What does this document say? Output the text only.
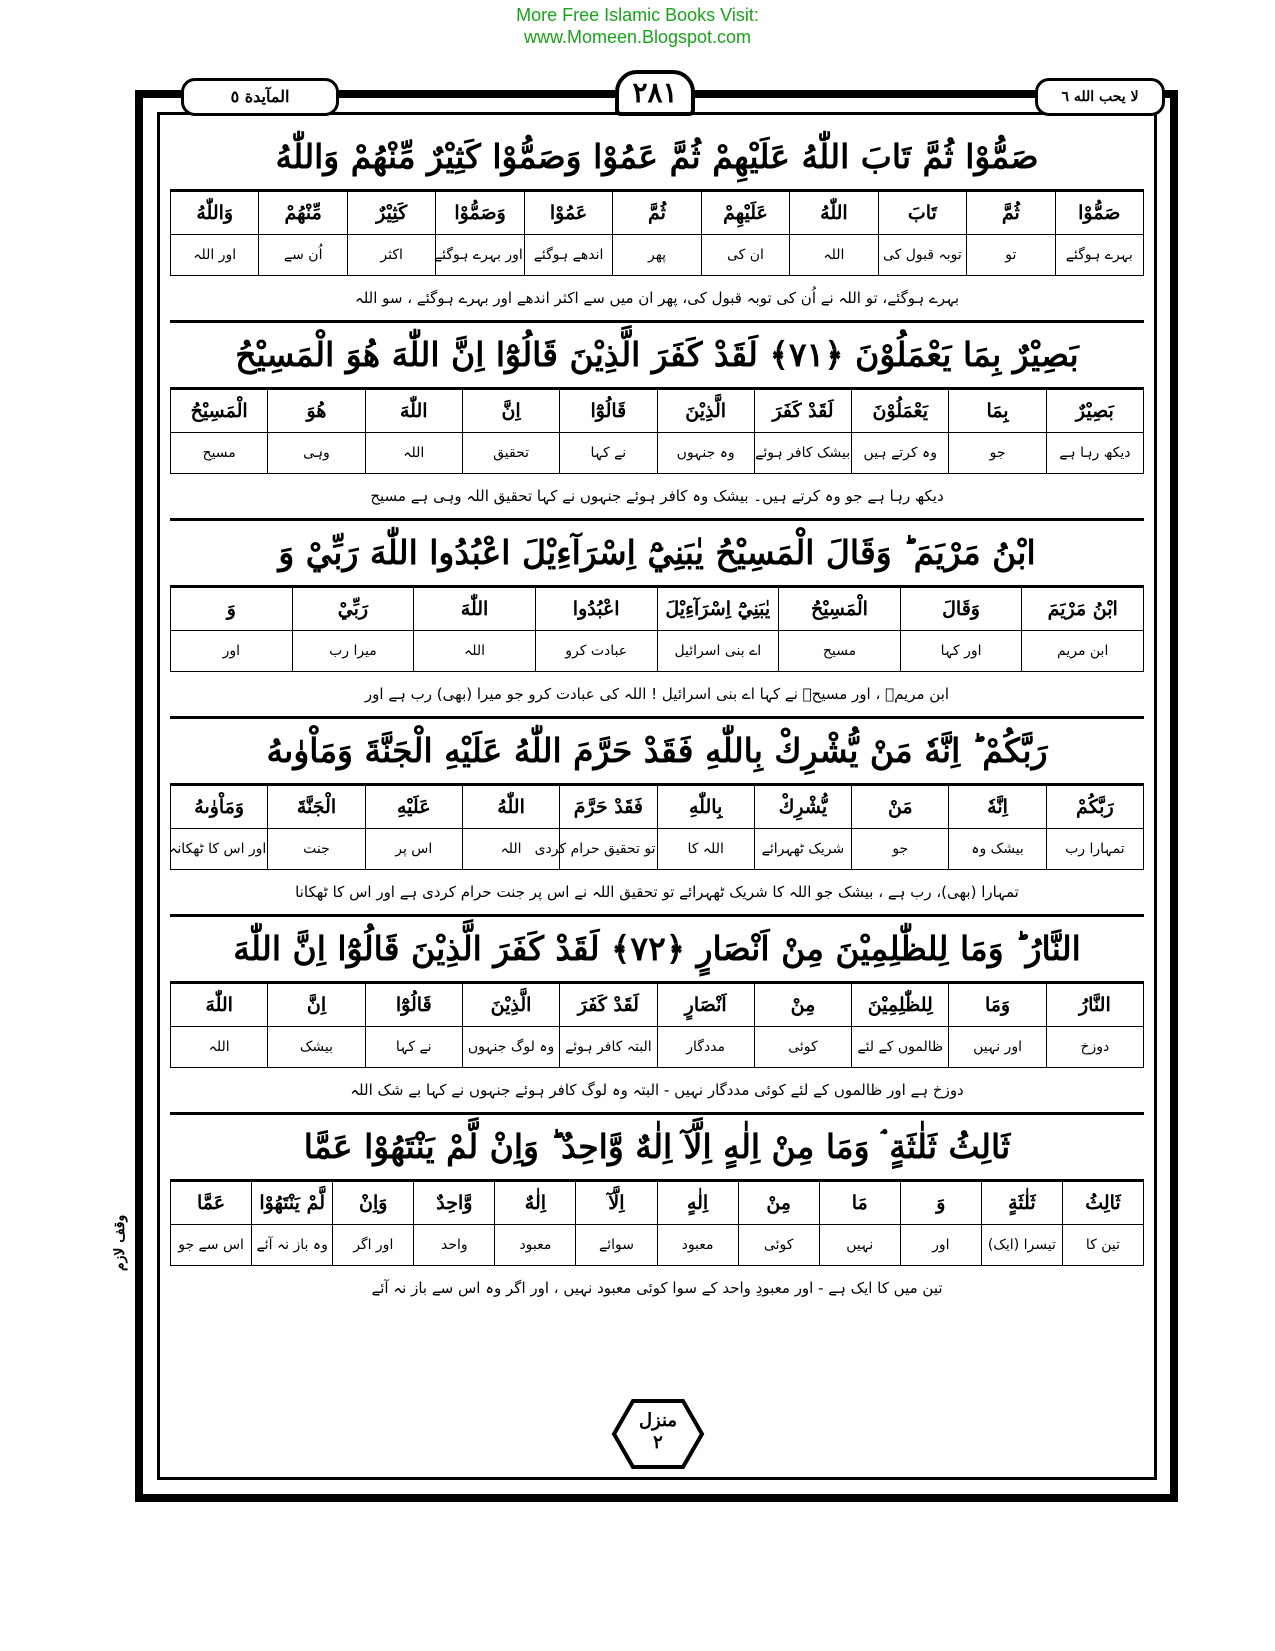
More Free Islamic Books Visit:
www.Momeen.Blogspot.com
المآيدة ٥	٢٨١	لا يحب الله ٦
صَمُّوْا ثُمَّ تَابَ اللّٰهُ عَلَيْهِمْ ثُمَّ عَمُوْا وَصَمُّوْا كَثِيْرٌ مِّنْهُمْ وَاللّٰهُ
صَمُّوْا	ثُمَّ	تَابَ	اللّٰهُ	عَلَيْهِمْ	ثُمَّ	عَمُوْا	وَصَمُّوْا	كَثِيْرٌ	مِّنْهُمْ	وَاللّٰهُ
بہرے ہوگئے	تو	توبہ قبول کی	اللہ	ان کی	پھر	اندھے ہوگئے	اور بہرے ہوگئے	اکثر	اُن سے	اور اللہ
بہرے ہوگئے، تو اللہ نے اُن کی توبہ قبول کی، پھر ان میں سے اکثر اندھے اور بہرے ہوگئے ، سو اللہ
بَصِيْرٌ بِمَا يَعْمَلُوْنَ ﴿٧١﴾ لَقَدْ كَفَرَ الَّذِيْنَ قَالُوْٓا اِنَّ اللّٰهَ هُوَ الْمَسِيْحُ
بَصِيْرٌ	بِمَا	يَعْمَلُوْنَ	لَقَدْ كَفَرَ	الَّذِيْنَ	قَالُوْٓا	اِنَّ	اللّٰهَ	هُوَ	الْمَسِيْحُ
دیکھ رہا ہے	جو	وہ کرتے ہیں	بیشک کافر ہوئے	وہ جنہوں	نے کہا	تحقیق	اللہ	وہی	مسیح
دیکھ رہا ہے جو وہ کرتے ہیں۔ بیشک وہ کافر ہوئے جنہوں نے کہا تحقیق اللہ وہی ہے مسیح
ابْنُ مَرْيَمَ ؕ وَقَالَ الْمَسِيْحُ يٰبَنِيْٓ اِسْرَآءِيْلَ اعْبُدُوا اللّٰهَ رَبِّيْ وَ
ابْنُ مَرْيَمَ	وَقَالَ	الْمَسِيْحُ	يٰبَنِيْٓ اِسْرَآءِيْلَ	اعْبُدُوا	اللّٰهَ	رَبِّيْ	وَ
ابن مریم	اور کہا	مسیح	اے بنی اسرائیل	عبادت کرو	اللہ	میرا رب	اور
ابن مریمؑ ، اور مسیحؑ نے کہا اے بنی اسرائیل ! اللہ کی عبادت کرو جو میرا (بھی) رب ہے اور
رَبَّكُمْ ؕ اِنَّهٗ مَنْ يُّشْرِكْ بِاللّٰهِ فَقَدْ حَرَّمَ اللّٰهُ عَلَيْهِ الْجَنَّةَ وَمَاْوٰىهُ
رَبَّكُمْ	اِنَّهٗ	مَنْ	يُّشْرِكْ	بِاللّٰهِ	فَقَدْ حَرَّمَ	اللّٰهُ	عَلَيْهِ	الْجَنَّةَ	وَمَاْوٰىهُ
تمہارا رب	بیشک وہ	جو	شریک ٹھہرائے	اللہ کا	تو تحقیق حرام کردی	اللہ	اس پر	جنت	اور اس کا ٹھکانہ
تمہارا (بھی)، رب ہے ، بیشک جو اللہ کا شریک ٹھہرائے تو تحقیق اللہ نے اس پر جنت حرام کردی ہے اور اس کا ٹھکانا
النَّارُ ؕ وَمَا لِلظّٰلِمِيْنَ مِنْ اَنْصَارٍ ﴿٧٢﴾ لَقَدْ كَفَرَ الَّذِيْنَ قَالُوْٓا اِنَّ اللّٰهَ
النَّارُ	وَمَا	لِلظّٰلِمِيْنَ	مِنْ	اَنْصَارٍ	لَقَدْ كَفَرَ	الَّذِيْنَ	قَالُوْٓا	اِنَّ	اللّٰهَ
دوزخ	اور نہیں	ظالموں کے لئے	کوئی	مددگار	البتہ کافر ہوئے	وہ لوگ جنہوں	نے کہا	بیشک	اللہ
دوزخ ہے اور ظالموں کے لئے کوئی مددگار نہیں - البتہ وہ لوگ کافر ہوئے جنہوں نے کہا بے شک اللہ
ثَالِثُ ثَلٰثَةٍ ۘ وَمَا مِنْ اِلٰهٍ اِلَّآ اِلٰهٌ وَّاحِدٌ ؕ وَاِنْ لَّمْ يَنْتَهُوْا عَمَّا
ثَالِثُ	ثَلٰثَةٍ	وَ	مَا	مِنْ	اِلٰهٍ	اِلَّآ	اِلٰهٌ	وَّاحِدٌ	وَاِنْ	لَّمْ يَنْتَهُوْا	عَمَّا
تین کا	تیسرا (ایک)	اور	نہیں	کوئی	معبود	سوائے	معبود	واحد	اور اگر	وہ باز نہ آئے	اس سے جو
تین میں کا ایک ہے - اور معبودِ واحد کے سوا کوئی معبود نہیں ، اور اگر وہ اس سے باز نہ آئے
وقف لازم
منزل
٢
